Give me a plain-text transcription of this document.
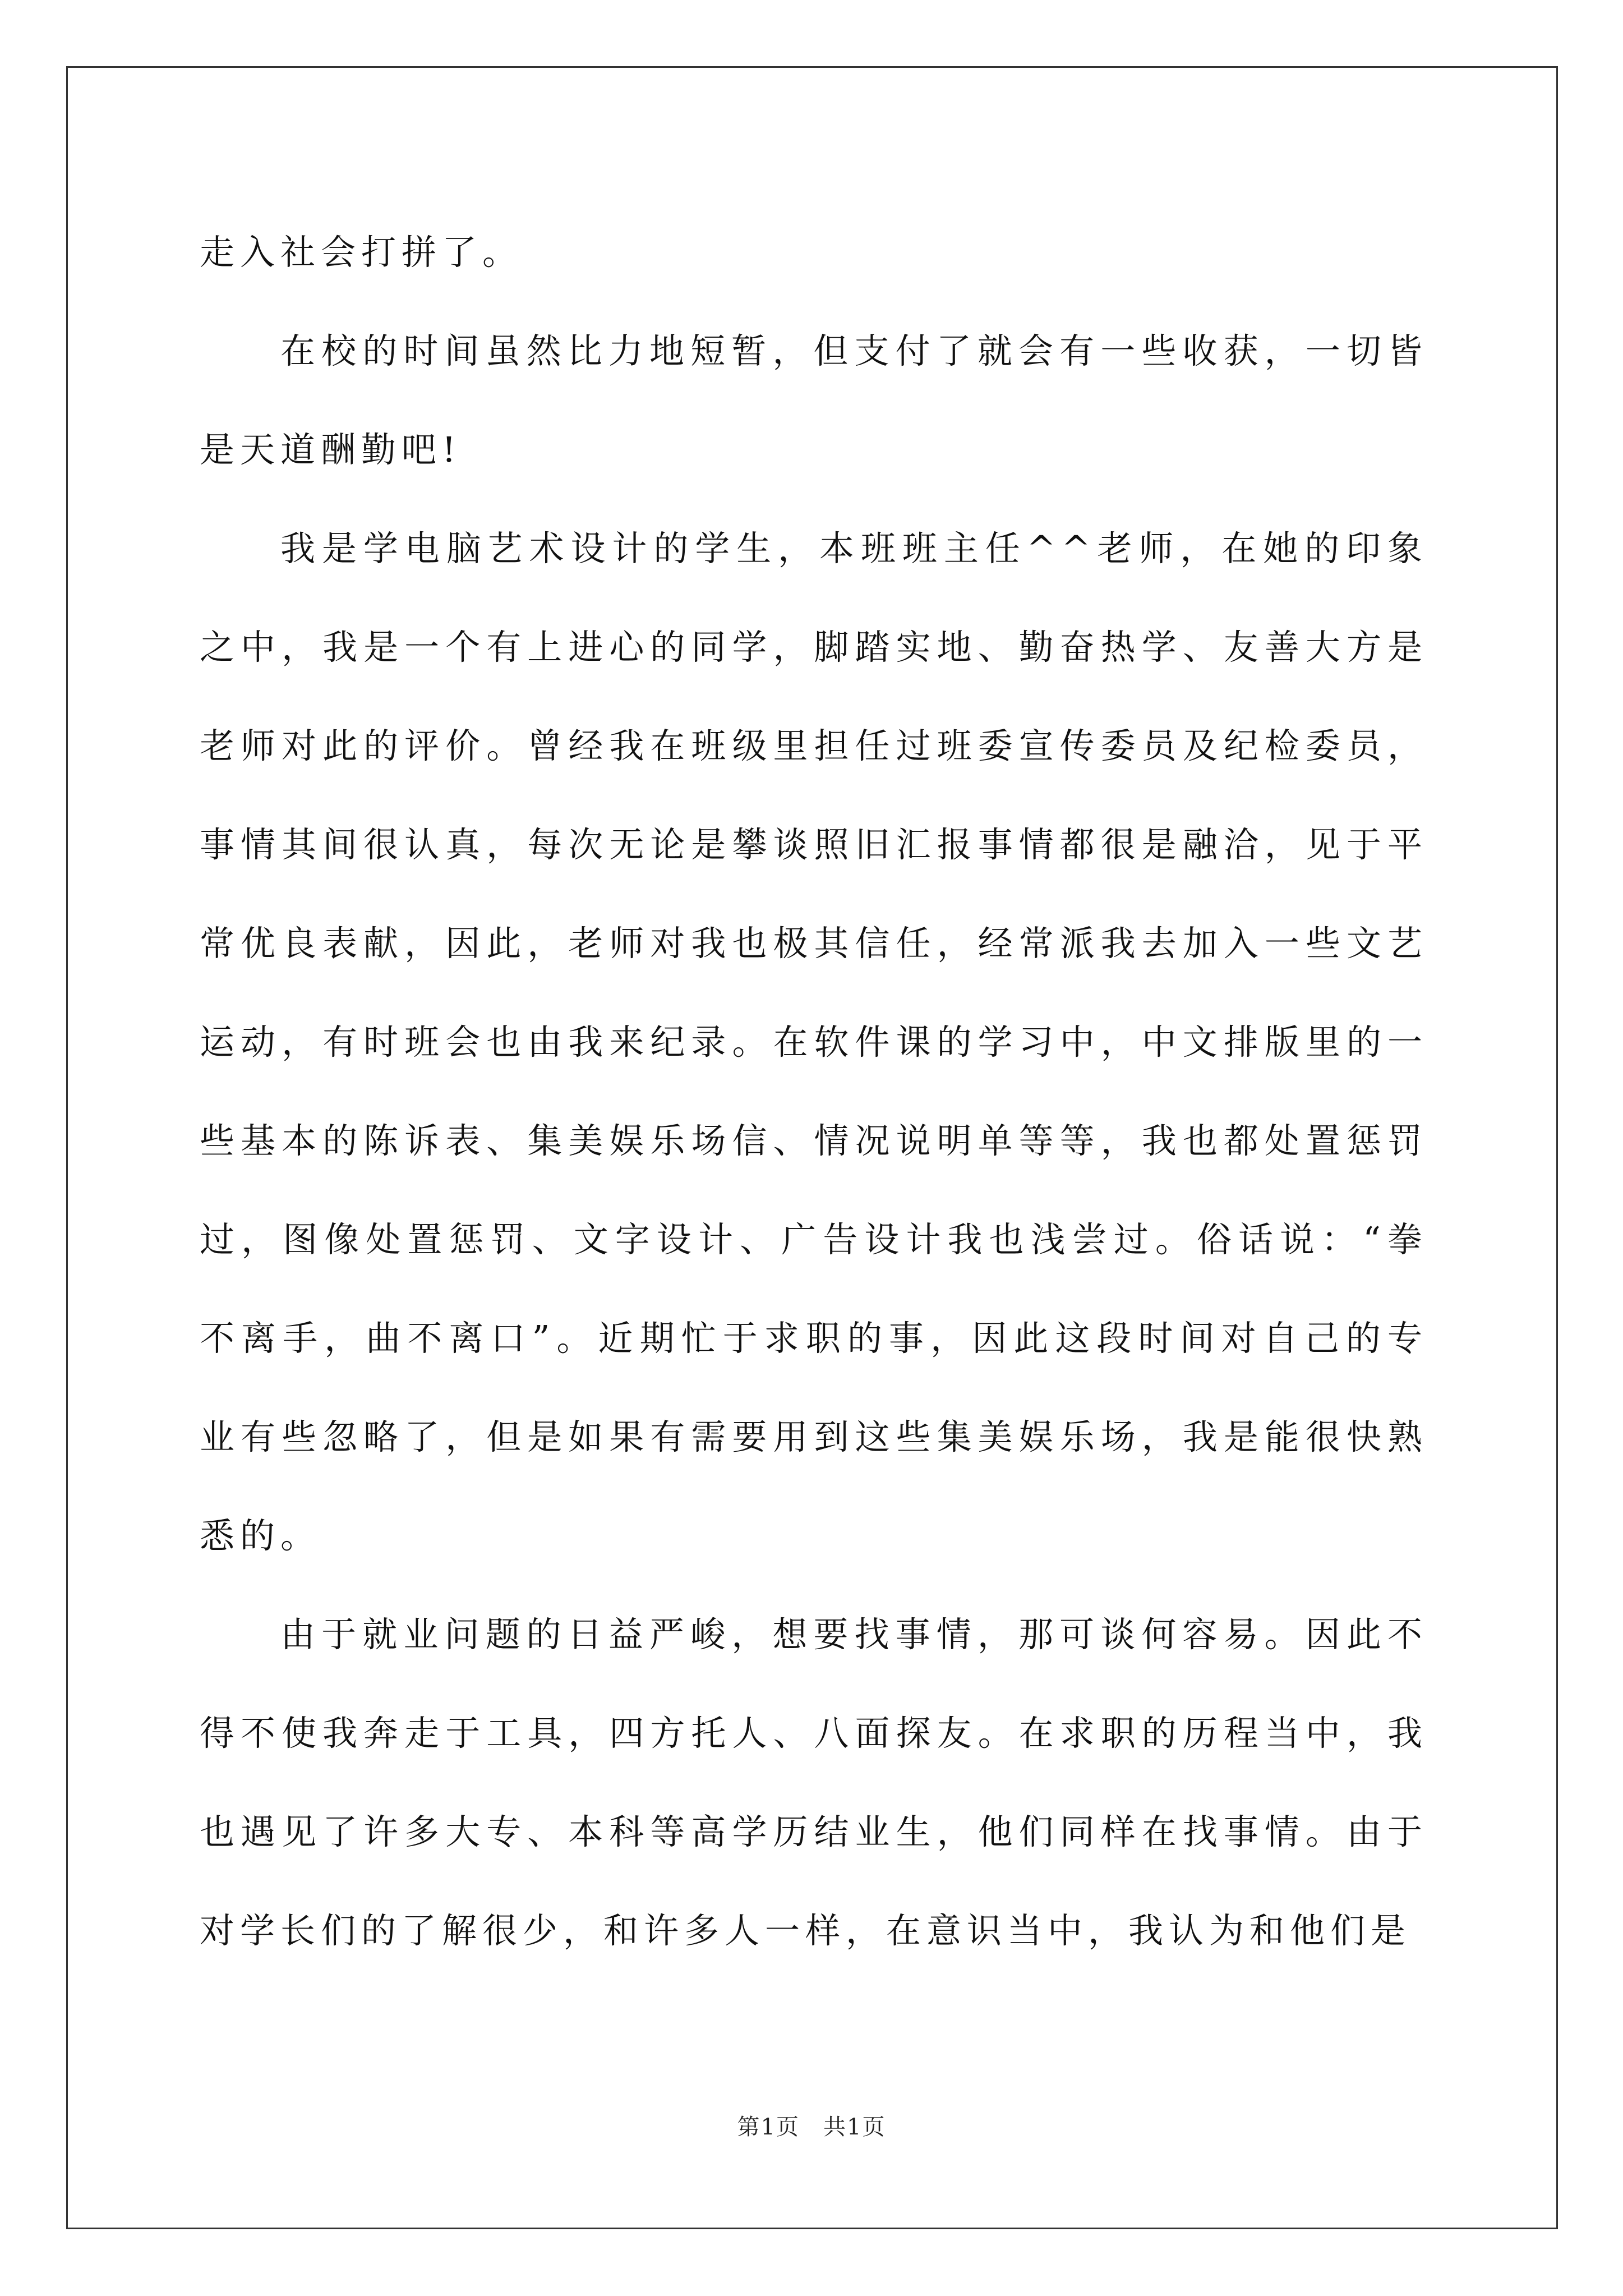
走入社会打拼了。

在校的时间虽然比力地短暂，但支付了就会有一些收获，一切皆是天道酬勤吧!

我是学电脑艺术设计的学生，本班班主任^^老师，在她的印象之中，我是一个有上进心的同学，脚踏实地、勤奋热学、友善大方是老师对此的评价。曾经我在班级里担任过班委宣传委员及纪检委员，事情其间很认真，每次无论是攀谈照旧汇报事情都很是融洽，见于平常优良表献，因此，老师对我也极其信任，经常派我去加入一些文艺运动，有时班会也由我来纪录。在软件课的学习中，中文排版里的一些基本的陈诉表、集美娱乐场信、情况说明单等等，我也都处置惩罚过，图像处置惩罚、文字设计、广告设计我也浅尝过。俗话说：“拳不离手，曲不离口”。近期忙于求职的事，因此这段时间对自己的专业有些忽略了，但是如果有需要用到这些集美娱乐场，我是能很快熟悉的。

由于就业问题的日益严峻，想要找事情，那可谈何容易。因此不得不使我奔走于工具，四方托人、八面探友。在求职的历程当中，我也遇见了许多大专、本科等高学历结业生，他们同样在找事情。由于对学长们的了解很少，和许多人一样，在意识当中，我认为和他们是

第1页　共1页
